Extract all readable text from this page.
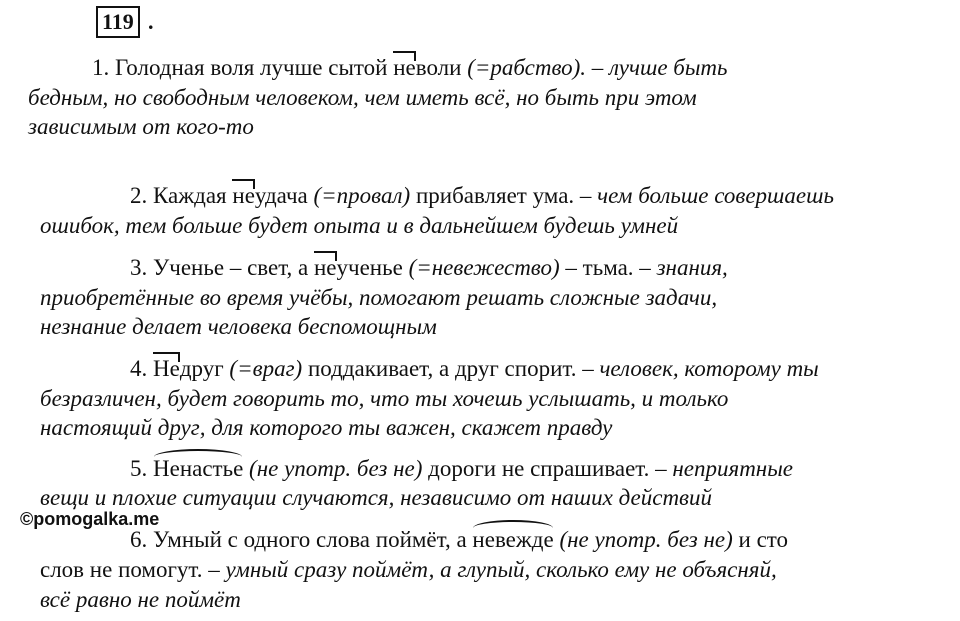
119 .
1. Голодная воля лучше сытой неволи (=рабство). – лучше быть
бедным, но свободным человеком, чем иметь всё, но быть при этом
зависимым от кого-то
2. Каждая неудача (=провал) прибавляет ума. – чем больше совершаешь
ошибок, тем больше будет опыта и в дальнейшем будешь умней
3. Ученье – свет, а неученье (=невежество) – тьма. – знания,
приобретённые во время учёбы, помогают решать сложные задачи,
незнание делает человека беспомощным
4. Недруг (=враг) поддакивает, а друг спорит. – человек, которому ты
безразличен, будет говорить то, что ты хочешь услышать, и только
настоящий друг, для которого ты важен, скажет правду
5. Ненастье (не употр. без не) дороги не спрашивает. – неприятные
вещи и плохие ситуации случаются, независимо от наших действий
©pomogalka.me
6. Умный с одного слова поймёт, а невежде (не употр. без не) и сто
слов не помогут. – умный сразу поймёт, а глупый, сколько ему не объясняй,
всё равно не поймёт
